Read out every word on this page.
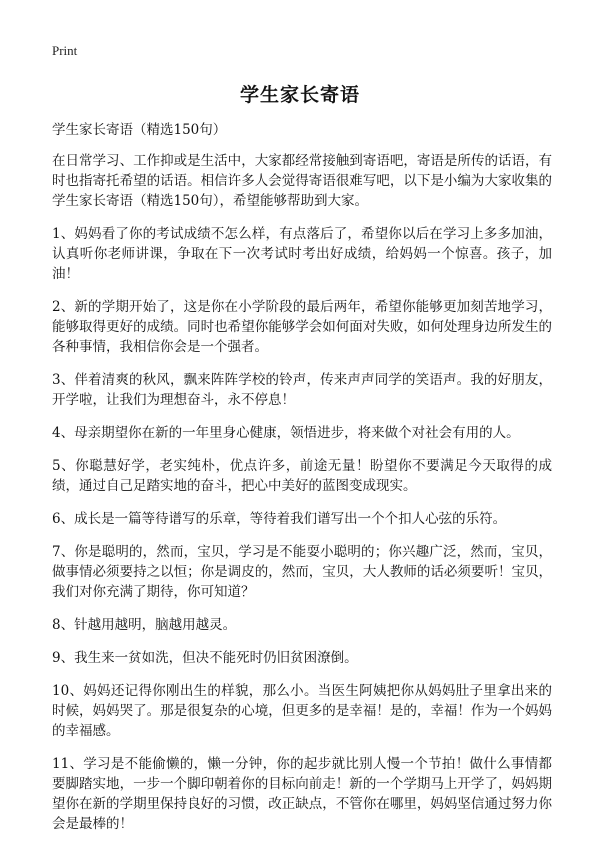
Print
学生家长寄语

学生家长寄语（精选150句）

在日常学习、工作抑或是生活中，大家都经常接触到寄语吧，寄语是所传的话语，有时也指寄托希望的话语。相信许多人会觉得寄语很难写吧，以下是小编为大家收集的学生家长寄语（精选150句），希望能够帮助到大家。

1、妈妈看了你的考试成绩不怎么样，有点落后了，希望你以后在学习上多多加油，认真听你老师讲课，争取在下一次考试时考出好成绩，给妈妈一个惊喜。孩子，加油！

2、新的学期开始了，这是你在小学阶段的最后两年，希望你能够更加刻苦地学习，能够取得更好的成绩。同时也希望你能够学会如何面对失败，如何处理身边所发生的各种事情，我相信你会是一个强者。

3、伴着清爽的秋风，飘来阵阵学校的铃声，传来声声同学的笑语声。我的好朋友，开学啦，让我们为理想奋斗，永不停息！

4、母亲期望你在新的一年里身心健康，领悟进步，将来做个对社会有用的人。

5、你聪慧好学，老实纯朴，优点许多，前途无量！盼望你不要满足今天取得的成绩，通过自己足踏实地的奋斗，把心中美好的蓝图变成现实。

6、成长是一篇等待谱写的乐章，等待着我们谱写出一个个扣人心弦的乐符。

7、你是聪明的，然而，宝贝，学习是不能耍小聪明的；你兴趣广泛，然而，宝贝，做事情必须要持之以恒；你是调皮的，然而，宝贝，大人教师的话必须要听！宝贝，我们对你充满了期待，你可知道？

8、针越用越明，脑越用越灵。

9、我生来一贫如洗，但决不能死时仍旧贫困潦倒。

10、妈妈还记得你刚出生的样貌，那么小。当医生阿姨把你从妈妈肚子里拿出来的时候，妈妈哭了。那是很复杂的心境，但更多的是幸福！是的，幸福！作为一个妈妈的幸福感。

11、学习是不能偷懒的，懒一分钟，你的起步就比别人慢一个节拍！做什么事情都要脚踏实地，一步一个脚印朝着你的目标向前走！新的一个学期马上开学了，妈妈期望你在新的学期里保持良好的习惯，改正缺点，不管你在哪里，妈妈坚信通过努力你会是最棒的！
